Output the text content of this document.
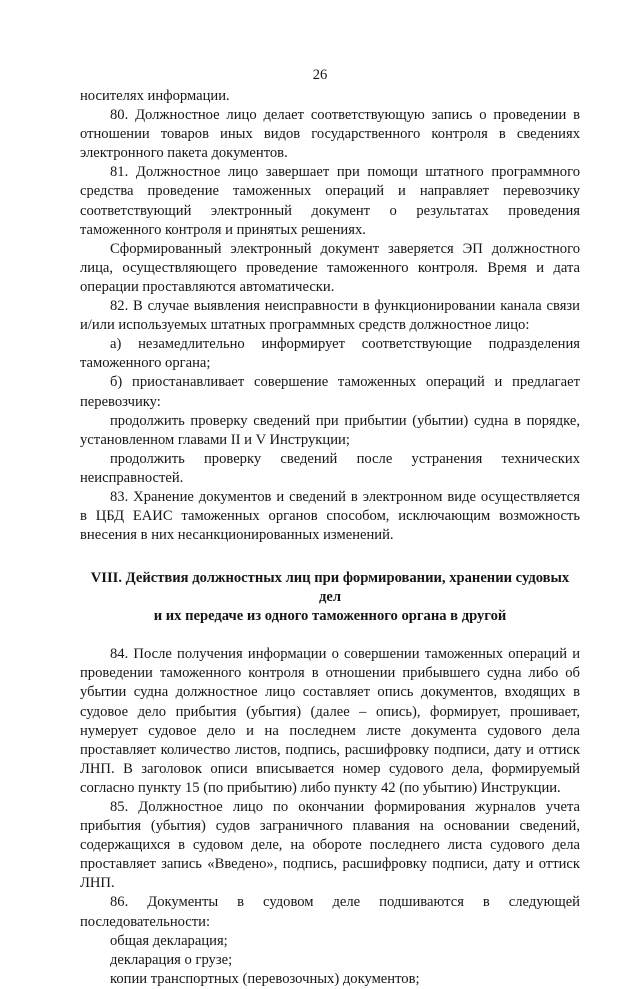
26

носителях информации.

80. Должностное лицо делает соответствующую запись о проведении в отношении товаров иных видов государственного контроля в сведениях электронного пакета документов.

81. Должностное лицо завершает при помощи штатного программного средства проведение таможенных операций и направляет перевозчику соответствующий электронный документ о результатах проведения таможенного контроля и принятых решениях.

Сформированный электронный документ заверяется ЭП должностного лица, осуществляющего проведение таможенного контроля. Время и дата операции проставляются автоматически.

82. В случае выявления неисправности в функционировании канала связи и/или используемых штатных программных средств должностное лицо:

а) незамедлительно информирует соответствующие подразделения таможенного органа;

б) приостанавливает совершение таможенных операций и предлагает перевозчику:

продолжить проверку сведений при прибытии (убытии) судна в порядке, установленном главами II и V Инструкции;

продолжить проверку сведений после устранения технических неисправностей.

83. Хранение документов и сведений в электронном виде осуществляется в ЦБД ЕАИС таможенных органов способом, исключающим возможность внесения в них несанкционированных изменений.

VIII. Действия должностных лиц при формировании, хранении судовых дел

и их передаче из одного таможенного органа в другой

84. После получения информации о совершении таможенных операций и проведении таможенного контроля в отношении прибывшего судна либо об убытии судна должностное лицо составляет опись документов, входящих в судовое дело прибытия (убытия) (далее – опись), формирует, прошивает, нумерует судовое дело и на последнем листе документа судового дела проставляет количество листов, подпись, расшифровку подписи, дату и оттиск ЛНП. В заголовок описи вписывается номер судового дела, формируемый согласно пункту 15 (по прибытию) либо пункту 42 (по убытию) Инструкции.

85. Должностное лицо по окончании формирования журналов учета прибытия (убытия) судов заграничного плавания на основании сведений, содержащихся в судовом деле, на обороте последнего листа судового дела проставляет запись «Введено», подпись, расшифровку подписи, дату и оттиск ЛНП.

86. Документы в судовом деле подшиваются в следующей последовательности:

общая декларация;

декларация о грузе;

копии транспортных (перевозочных) документов;
